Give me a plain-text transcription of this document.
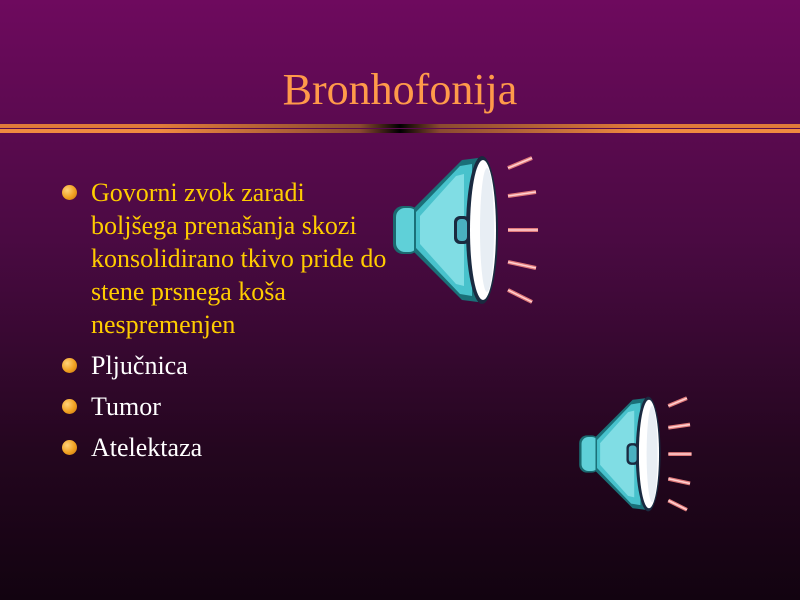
Bronhofonija
Govorni zvok zaradi boljšega prenašanja skozi konsolidirano tkivo pride do stene prsnega koša nespremenjen
Pljučnica
Tumor
Atelektaza
